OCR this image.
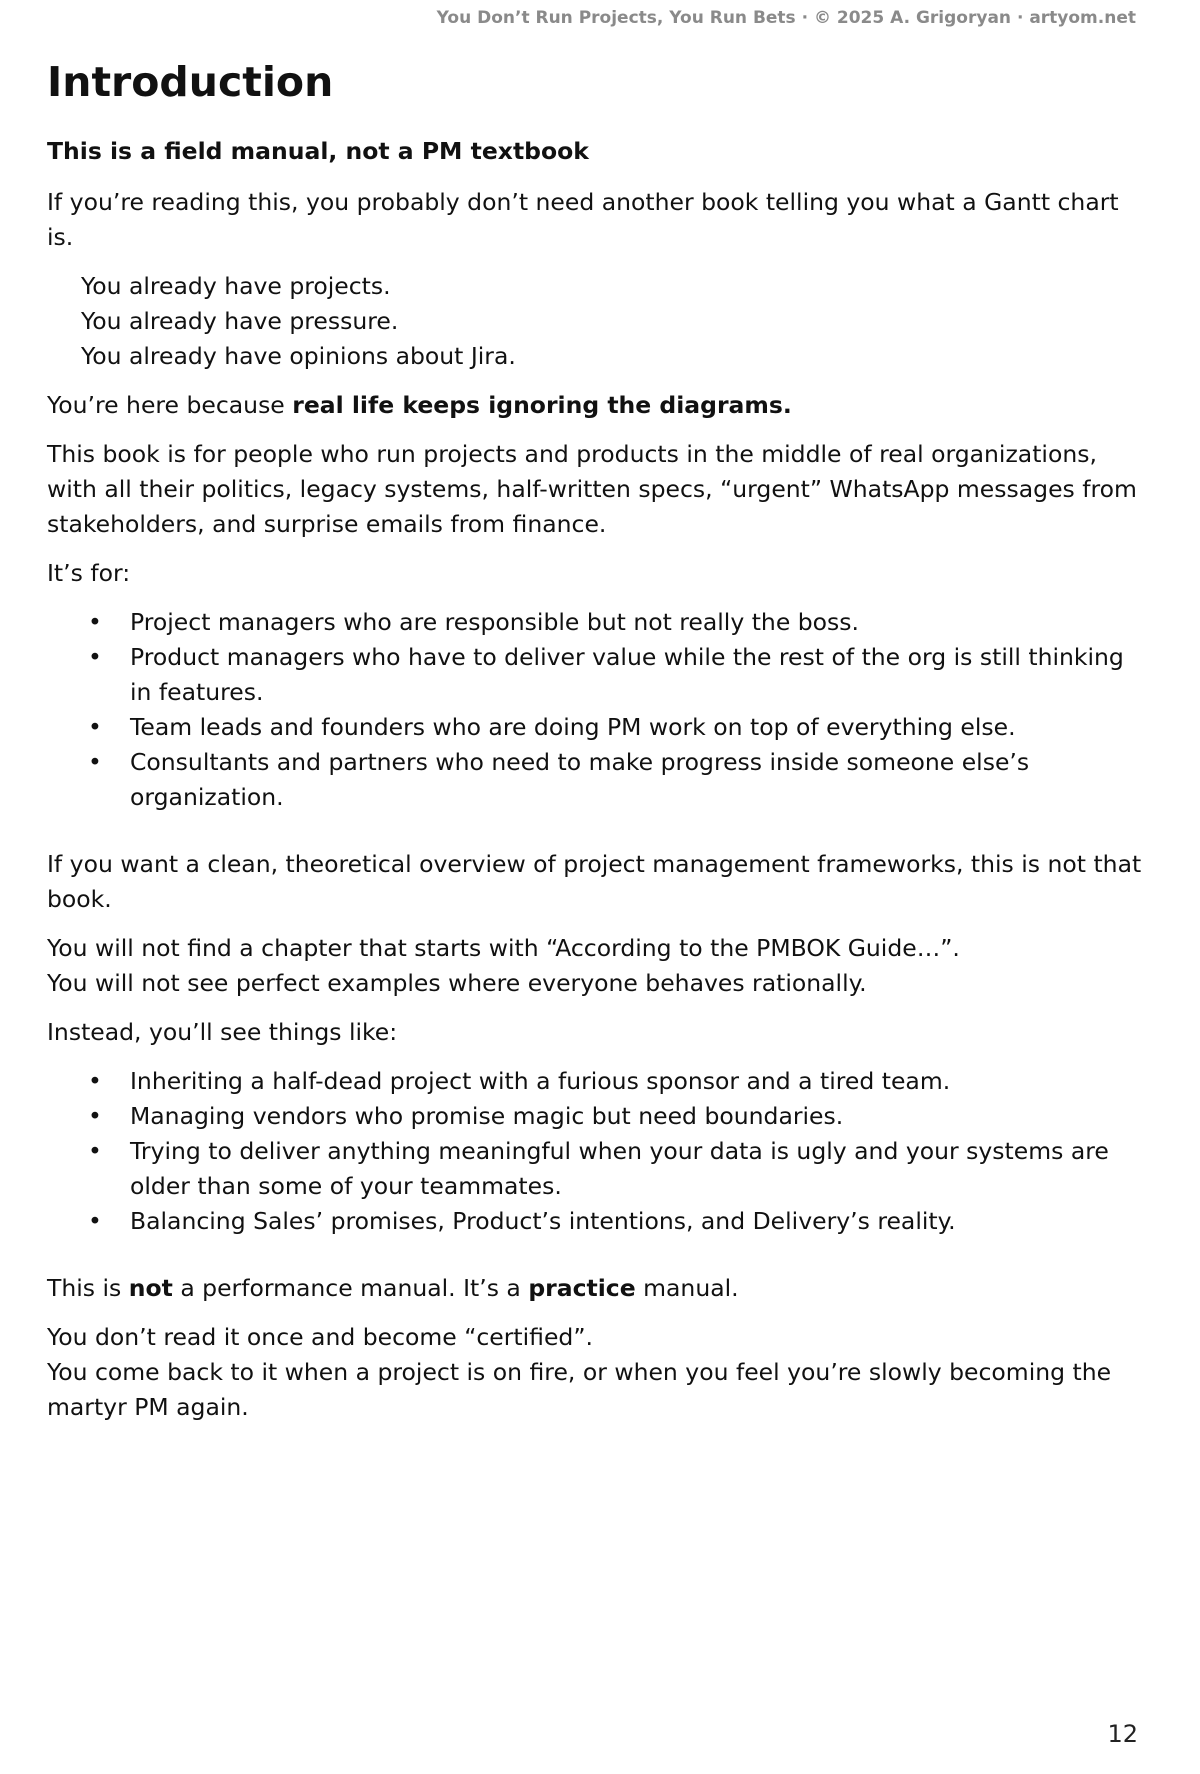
You Don’t Run Projects, You Run Bets · © 2025 A. Grigoryan · artyom.net
Introduction
This is a field manual, not a PM textbook

If you’re reading this, you probably don’t need another book telling you what a Gantt chart is.

You already have projects.
You already have pressure.
You already have opinions about Jira.

You’re here because real life keeps ignoring the diagrams.

This book is for people who run projects and products in the middle of real organizations, with all their politics, legacy systems, half-written specs, “urgent” WhatsApp messages from stakeholders, and surprise emails from finance.

It’s for:

• Project managers who are responsible but not really the boss.
• Product managers who have to deliver value while the rest of the org is still thinking in features.
• Team leads and founders who are doing PM work on top of everything else.
• Consultants and partners who need to make progress inside someone else’s organization.

If you want a clean, theoretical overview of project management frameworks, this is not that book.

You will not find a chapter that starts with “According to the PMBOK Guide…”.
You will not see perfect examples where everyone behaves rationally.

Instead, you’ll see things like:

• Inheriting a half-dead project with a furious sponsor and a tired team.
• Managing vendors who promise magic but need boundaries.
• Trying to deliver anything meaningful when your data is ugly and your systems are older than some of your teammates.
• Balancing Sales’ promises, Product’s intentions, and Delivery’s reality.

This is not a performance manual. It’s a practice manual.

You don’t read it once and become “certified”.
You come back to it when a project is on fire, or when you feel you’re slowly becoming the martyr PM again.

12
